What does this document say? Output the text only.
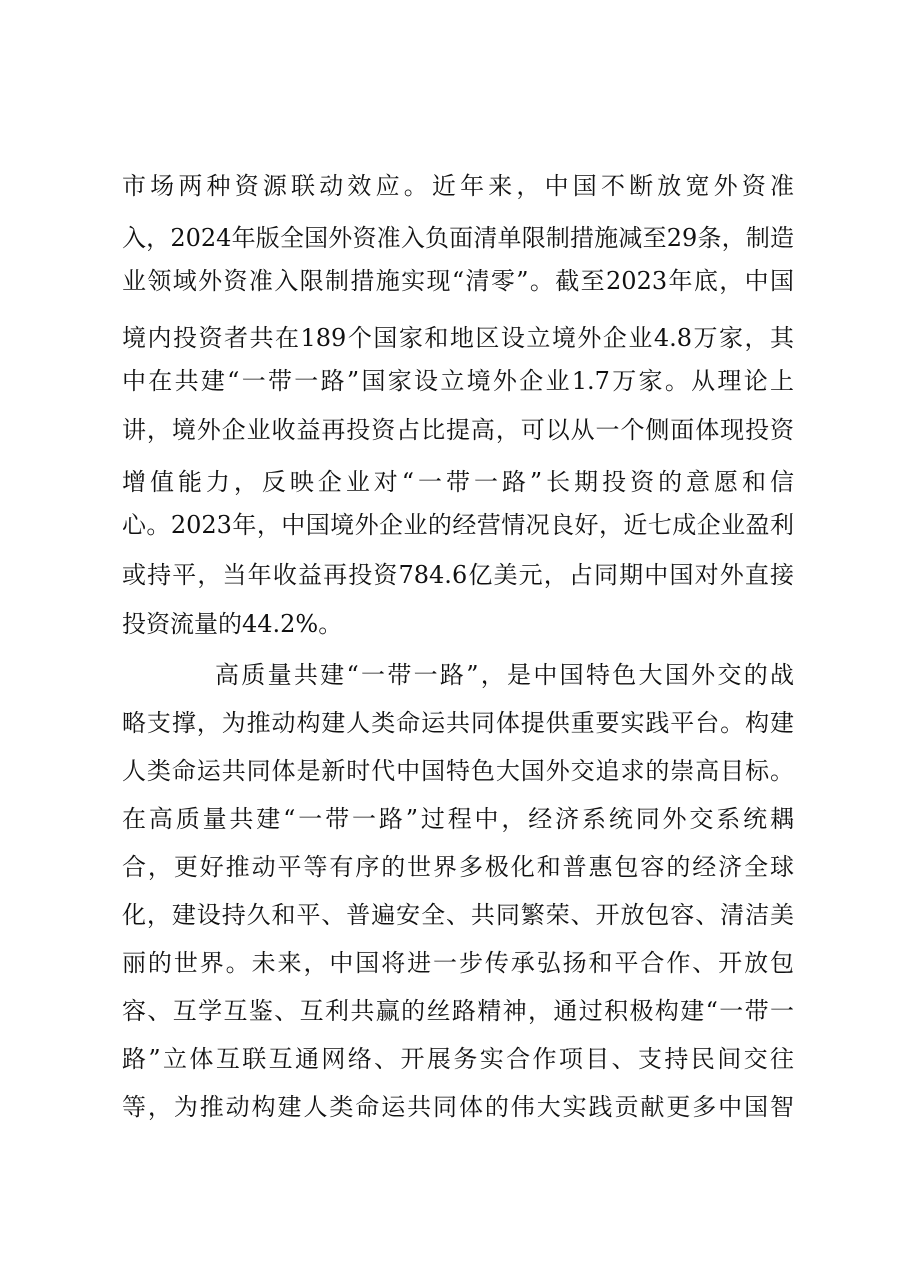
市场两种资源联动效应。近年来，中国不断放宽外资准
入，2024年版全国外资准入负面清单限制措施减至29条，制造
业领域外资准入限制措施实现“清零”。截至2023年底，中国
境内投资者共在189个国家和地区设立境外企业4.8万家，其
中在共建“一带一路”国家设立境外企业1.7万家。从理论上
讲，境外企业收益再投资占比提高，可以从一个侧面体现投资
增值能力，反映企业对“一带一路”长期投资的意愿和信
心。2023年，中国境外企业的经营情况良好，近七成企业盈利
或持平，当年收益再投资784.6亿美元，占同期中国对外直接
投资流量的44.2%。
高质量共建“一带一路”，是中国特色大国外交的战
略支撑，为推动构建人类命运共同体提供重要实践平台。构建
人类命运共同体是新时代中国特色大国外交追求的崇高目标。
在高质量共建“一带一路”过程中，经济系统同外交系统耦
合，更好推动平等有序的世界多极化和普惠包容的经济全球
化，建设持久和平、普遍安全、共同繁荣、开放包容、清洁美
丽的世界。未来，中国将进一步传承弘扬和平合作、开放包
容、互学互鉴、互利共赢的丝路精神，通过积极构建“一带一
路”立体互联互通网络、开展务实合作项目、支持民间交往
等，为推动构建人类命运共同体的伟大实践贡献更多中国智
